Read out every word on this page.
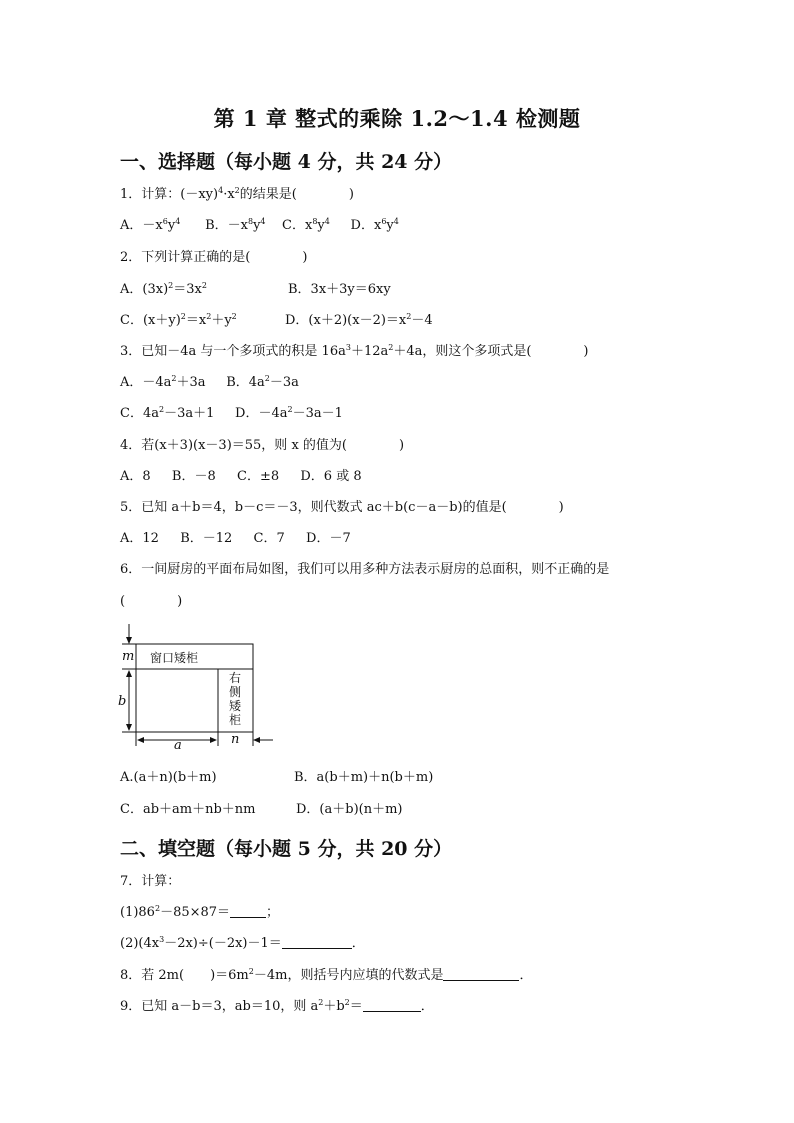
第 1 章 整式的乘除 1.2～1.4 检测题
一、选择题（每小题 4 分，共 24 分）
1．计算：$(-xy)^4\cdot x^2$的结果是(　　　　)
A．$-x^6y^4$ B．$-x^8y^4$ C．$x^8y^4$ D．$x^6y^4$
2．下列计算正确的是(　　　　)
A．$(3x)^2=3x^2$	B．3x＋3y＝6xy
C．$(x+y)^2=x^2+y^2$	D．$(x+2)(x-2)=x^2-4$
3．已知－4a 与一个多项式的积是 $16a^3+12a^2+4a$，则这个多项式是(　　　　)
A．$-4a^2+3a$ B．$4a^2-3a$
C．$4a^2-3a+1$ D．$-4a^2-3a-1$
4．若(x＋3)(x－3)＝55，则 x 的值为(　　　　)
A．8　  B．－8　  C．±8　  D．6 或 8
5．已知 a＋b＝4，b－c＝－3，则代数式 ac＋b(c－a－b)的值是(　　　　)
A．12　  B．－12　  C．7　  D．－7
6．一间厨房的平面布局如图，我们可以用多种方法表示厨房的总面积，则不正确的是
(　　　　)
m
b
a	n
窗口矮柜
右侧矮柜
A.(a＋n)(b＋m)	B．a(b＋m)＋n(b＋m)
C．ab＋am＋nb＋nm	D．(a＋b)(n＋m)
二、填空题（每小题 5 分，共 20 分）
7．计算：
$(1)86^2-85\times 87=$	；
$(2)(4x^3-2x)\div(-2x)-1=$	．
8．若 2m(　　)$=6m^2-4m$，则括号内应填的代数式是	．
9．已知 a－b＝3，ab＝10，则 $a^2+b^2=$	．
